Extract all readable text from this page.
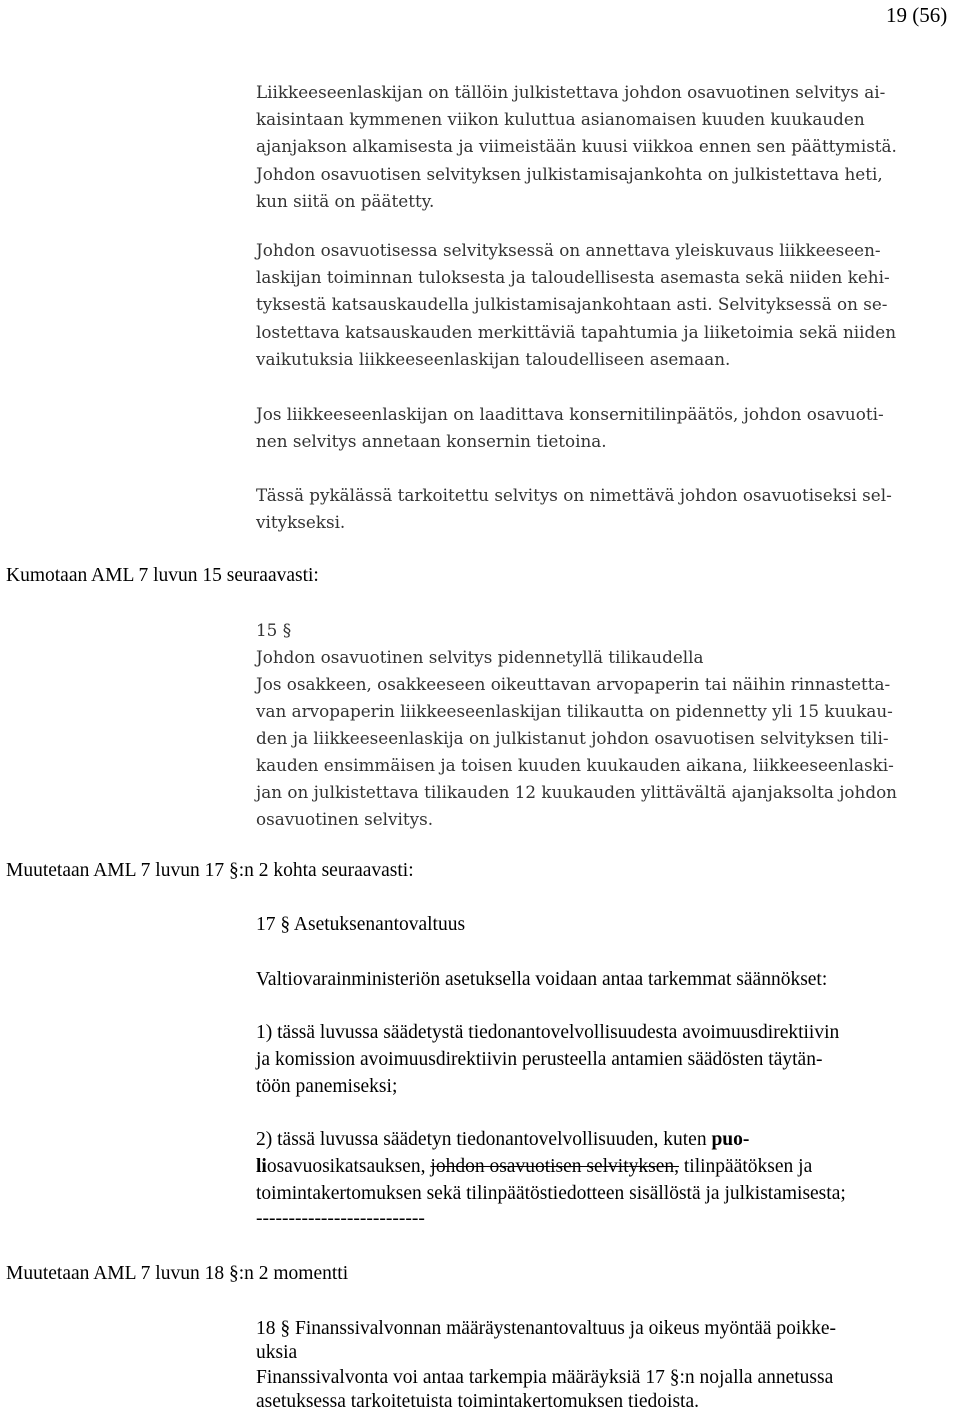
19 (56)
Liikkeeseenlaskijan on tällöin julkistettava johdon osavuotinen selvitys ai-
kaisintaan kymmenen viikon kuluttua asianomaisen kuuden kuukauden
ajanjakson alkamisesta ja viimeistään kuusi viikkoa ennen sen päättymistä.
Johdon osavuotisen selvityksen julkistamisajankohta on julkistettava heti,
kun siitä on päätetty.
Johdon osavuotisessa selvityksessä on annettava yleiskuvaus liikkeeseen-
laskijan toiminnan tuloksesta ja taloudellisesta asemasta sekä niiden kehi-
tyksestä katsauskaudella julkistamisajankohtaan asti. Selvityksessä on se-
lostettava katsauskauden merkittäviä tapahtumia ja liiketoimia sekä niiden
vaikutuksia liikkeeseenlaskijan taloudelliseen asemaan.
Jos liikkeeseenlaskijan on laadittava konsernitilinpäätös, johdon osavuoti-
nen selvitys annetaan konsernin tietoina.
Tässä pykälässä tarkoitettu selvitys on nimettävä johdon osavuotiseksi sel-
vitykseksi.
Kumotaan AML 7 luvun 15 seuraavasti:
15 §
Johdon osavuotinen selvitys pidennetyllä tilikaudella
Jos osakkeen, osakkeeseen oikeuttavan arvopaperin tai näihin rinnastetta-
van arvopaperin liikkeeseenlaskijan tilikautta on pidennetty yli 15 kuukau-
den ja liikkeeseenlaskija on julkistanut johdon osavuotisen selvityksen tili-
kauden ensimmäisen ja toisen kuuden kuukauden aikana, liikkeeseenlaski-
jan on julkistettava tilikauden 12 kuukauden ylittävältä ajanjaksolta johdon
osavuotinen selvitys.
Muutetaan AML 7 luvun 17 §:n 2 kohta seuraavasti:
17 § Asetuksenantovaltuus
Valtiovarainministeriön asetuksella voidaan antaa tarkemmat säännökset:
1) tässä luvussa säädetystä tiedonantovelvollisuudesta avoimuusdirektiivin
ja komission avoimuusdirektiivin perusteella antamien säädösten täytän-
töön panemiseksi;
2) tässä luvussa säädetyn tiedonantovelvollisuuden, kuten puo-
liosavuosikatsauksen, johdon osavuotisen selvityksen, tilinpäätöksen ja
toimintakertomuksen sekä tilinpäätöstiedotteen sisällöstä ja julkistamisesta;
--------------------------
Muutetaan AML 7 luvun 18 §:n 2 momentti
18 § Finanssivalvonnan määräystenantovaltuus ja oikeus myöntää poikke-
uksia
Finanssivalvonta voi antaa tarkempia määräyksiä 17 §:n nojalla annetussa
asetuksessa tarkoitetuista toimintakertomuksen tiedoista.
